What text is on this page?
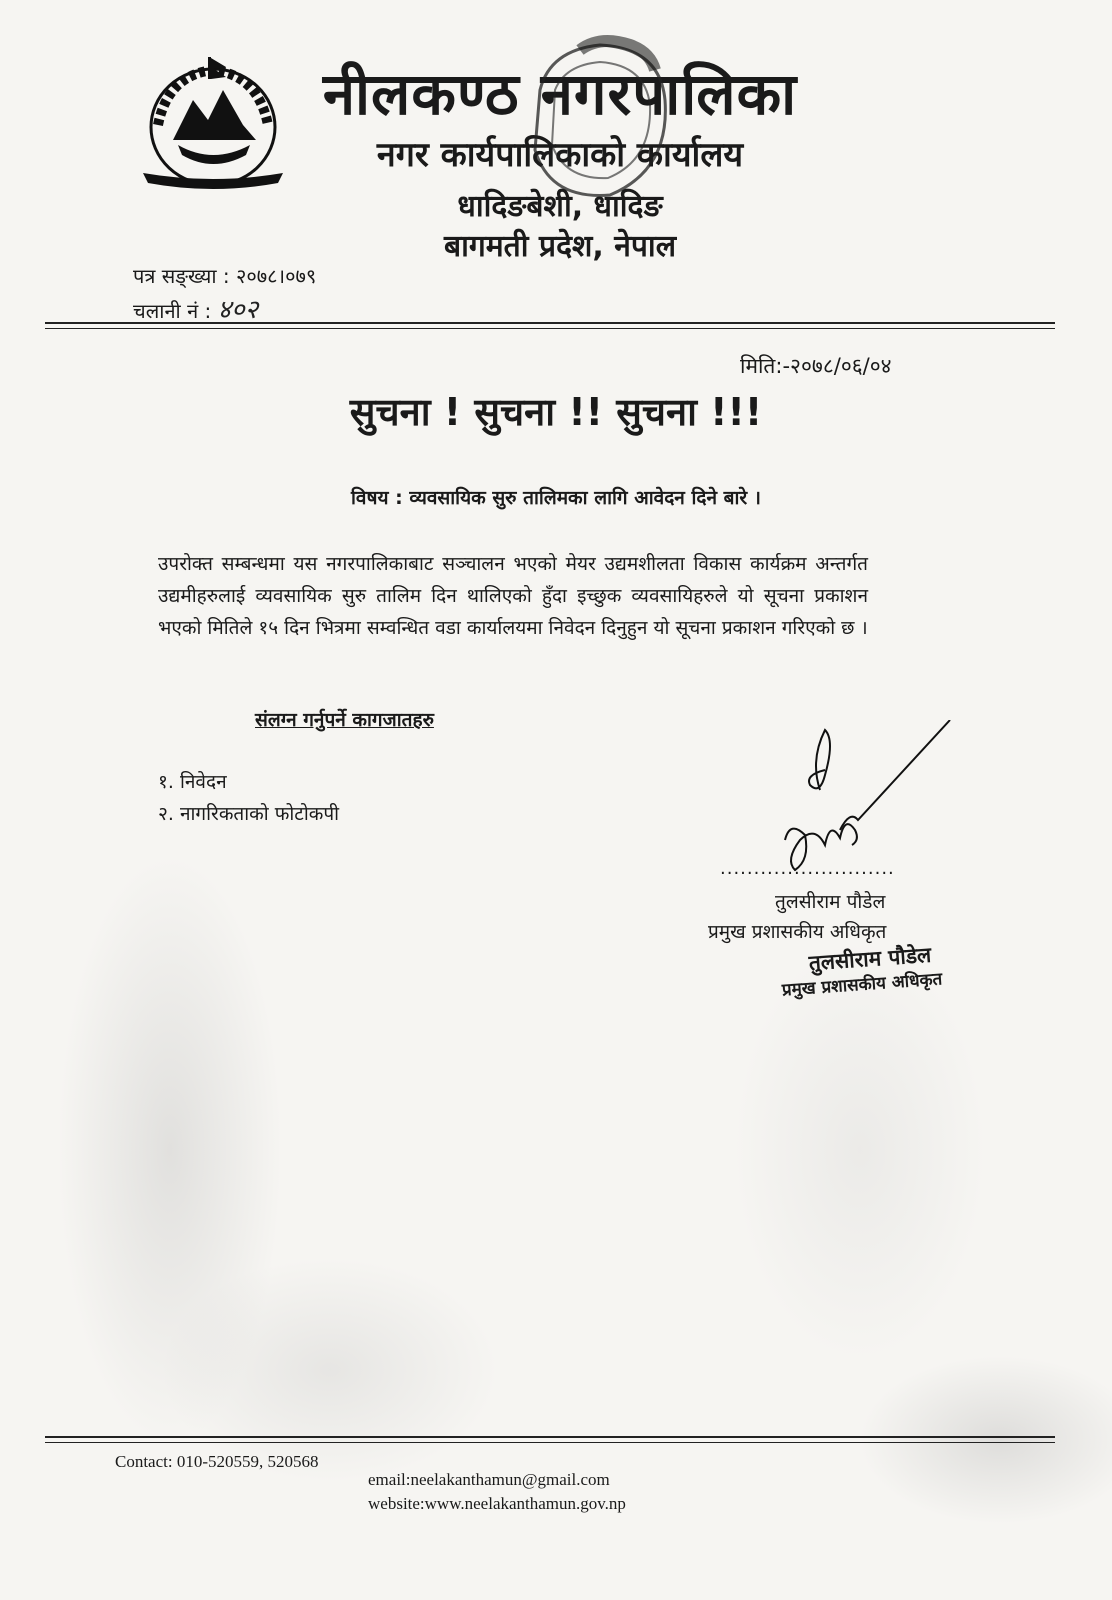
नीलकण्ठ नगरपालिका
नगर कार्यपालिकाको कार्यालय
धादिङबेशी, धादिङ
बागमती प्रदेश, नेपाल
पत्र सङ्ख्या : २०७८।०७९
चलानी नं : ४०२
मिति:-२०७८/०६/०४
सुचना ! सुचना !! सुचना !!!
विषय : व्यवसायिक सुरु तालिमका लागि आवेदन दिने बारे ।
उपरोक्त सम्बन्धमा यस नगरपालिकाबाट सञ्चालन भएको मेयर उद्यमशीलता विकास कार्यक्रम अन्तर्गत उद्यमीहरुलाई व्यवसायिक सुरु तालिम दिन थालिएको हुँदा इच्छुक व्यवसायिहरुले यो सूचना प्रकाशन भएको मितिले १५ दिन भित्रमा सम्वन्धित वडा कार्यालयमा निवेदन दिनुहुन यो सूचना प्रकाशन गरिएको छ ।
संलग्न गर्नुपर्ने कागजातहरु
१. निवेदन
२. नागरिकताको फोटोकपी
..........................
तुलसीराम पौडेल
प्रमुख प्रशासकीय अधिकृत
तुलसीराम पौडेल
प्रमुख प्रशासकीय अधिकृत
Contact: 010-520559, 520568
email:neelakanthamun@gmail.com
website:www.neelakanthamun.gov.np
